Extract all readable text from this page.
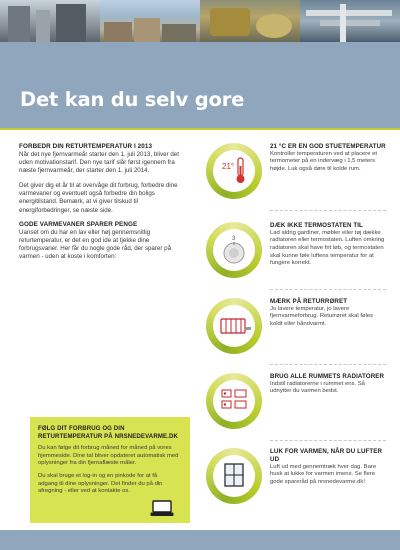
Det kan du selv gore
FORBEDR DIN RETURTEMPERATUR I 2013
Når det nye fjernvarmeår starter den 1. juli 2013, bliver det uden motivationstarif. Den nye tarif slår først igennem fra næste fjernvarmeår, der starter den 1. juli 2014.
Det giver dig et år til at overvåge dit forbrug, forbedre dine varmevaner og eventuelt også forbedre din boligs energitilstand. Bemærk, at vi giver tilskud til energiforbedringer, se næste side.
GODE VARMEVANER SPARER PENGE
Uanset om du har en lav eller høj gennemsnitlig returtemperatur, er det en god ide at tjekke dine forbrugsvaner. Her får du nogle gode råd, der sparer på varmen - uden at koste i komforten:
FØLG DIT FORBRUG OG DIN RETURTEMPERATUR PÅ NRSNEDEVARME.DK
Du kan følge dit forbrug måned for måned på vores hjemmeside. Dine tal bliver opdateret automatisk med oplysninger fra din fjernaflæste måler.
Du skal bruge et log-in og en pinkode for at få adgang til dine oplysninger. Det finder du på din afregning - eller ved at kontakte os.
21°
21 °C ER EN GOD STUETEMPERATUR
Kontroller temperaturen ved at placere et termometer på en indervæg i 1,5 meters højde. Luk også døre til kolde rum.
3
DÆK IKKE TERMOSTATEN TIL
Lad aldrig gardiner, møbler eller tøj dække radiatoren eller termostaten. Luften omkring radiatoren skal have frit løb, og termostaten skal kunne føle luftens temperatur for at fungere korrekt.
MÆRK PÅ RETURRØRET
Jo lavere temperatur, jo lavere fjernvarmeforbrug. Returrøret skal føles koldt eller håndvarmt.
BRUG ALLE RUMMETS RADIATORER
Indstil radiatorerne i rummet ens. Så udnytter du varmen bedst.
LUK FOR VARMEN, NÅR DU LUFTER UD
Luft ud med gennemtræk hver dag. Bare husk at lukke for varmen imens. Se flere gode spareråd på nrsnedevarme.dk!
